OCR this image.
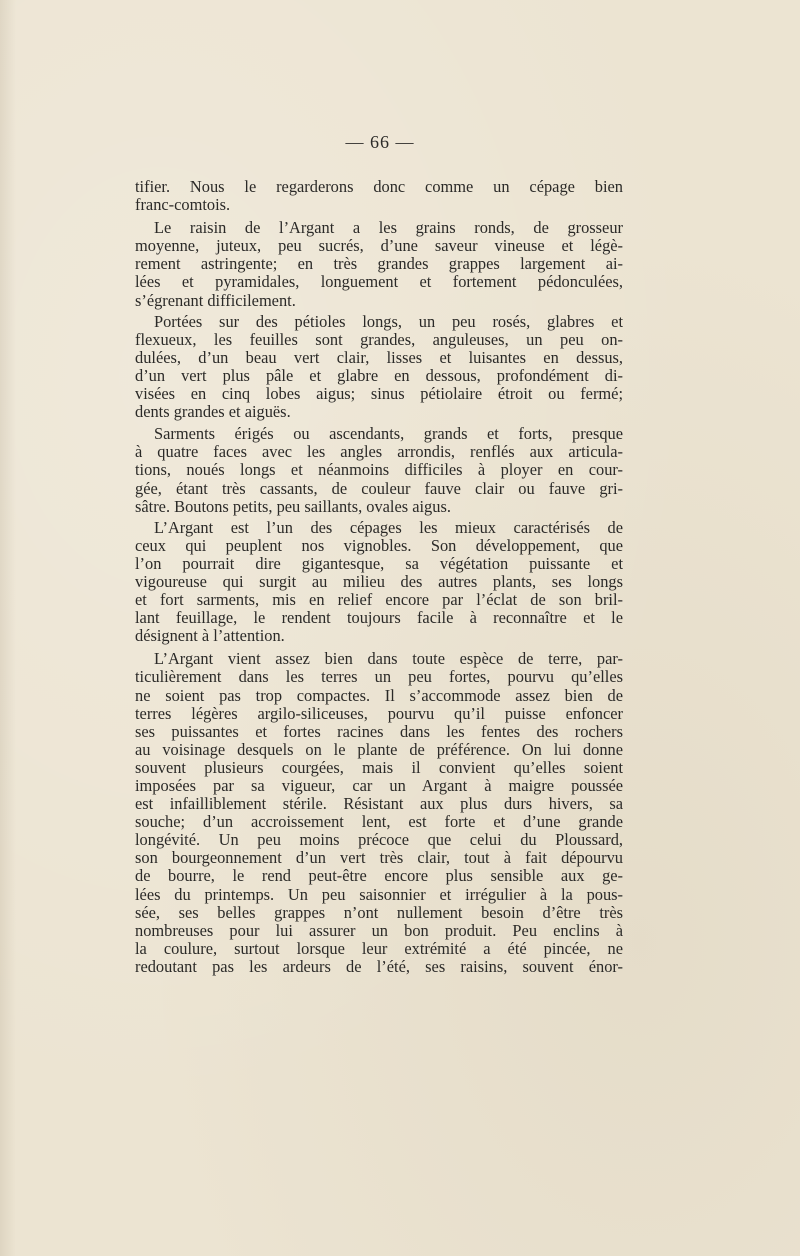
— 66 —
tifier. Nous le regarderons donc comme un cépage bien
franc-comtois.
Le raisin de l’Argant a les grains ronds, de grosseur
moyenne, juteux, peu sucrés, d’une saveur vineuse et légè-
rement astringente; en très grandes grappes largement ai-
lées et pyramidales, longuement et fortement pédonculées,
s’égrenant difficilement.
Portées sur des pétioles longs, un peu rosés, glabres et
flexueux, les feuilles sont grandes, anguleuses, un peu on-
dulées, d’un beau vert clair, lisses et luisantes en dessus,
d’un vert plus pâle et glabre en dessous, profondément di-
visées en cinq lobes aigus; sinus pétiolaire étroit ou fermé;
dents grandes et aiguës.
Sarments érigés ou ascendants, grands et forts, presque
à quatre faces avec les angles arrondis, renflés aux articula-
tions, noués longs et néanmoins difficiles à ployer en cour-
gée, étant très cassants, de couleur fauve clair ou fauve gri-
sâtre. Boutons petits, peu saillants, ovales aigus.
L’Argant est l’un des cépages les mieux caractérisés de
ceux qui peuplent nos vignobles. Son développement, que
l’on pourrait dire gigantesque, sa végétation puissante et
vigoureuse qui surgit au milieu des autres plants, ses longs
et fort sarments, mis en relief encore par l’éclat de son bril-
lant feuillage, le rendent toujours facile à reconnaître et le
désignent à l’attention.
L’Argant vient assez bien dans toute espèce de terre, par-
ticulièrement dans les terres un peu fortes, pourvu qu’elles
ne soient pas trop compactes. Il s’accommode assez bien de
terres légères argilo-siliceuses, pourvu qu’il puisse enfoncer
ses puissantes et fortes racines dans les fentes des rochers
au voisinage desquels on le plante de préférence. On lui donne
souvent plusieurs courgées, mais il convient qu’elles soient
imposées par sa vigueur, car un Argant à maigre poussée
est infailliblement stérile. Résistant aux plus durs hivers, sa
souche; d’un accroissement lent, est forte et d’une grande
longévité. Un peu moins précoce que celui du Ploussard,
son bourgeonnement d’un vert très clair, tout à fait dépourvu
de bourre, le rend peut-être encore plus sensible aux ge-
lées du printemps. Un peu saisonnier et irrégulier à la pous-
sée, ses belles grappes n’ont nullement besoin d’être très
nombreuses pour lui assurer un bon produit. Peu enclins à
la coulure, surtout lorsque leur extrémité a été pincée, ne
redoutant pas les ardeurs de l’été, ses raisins, souvent énor-
